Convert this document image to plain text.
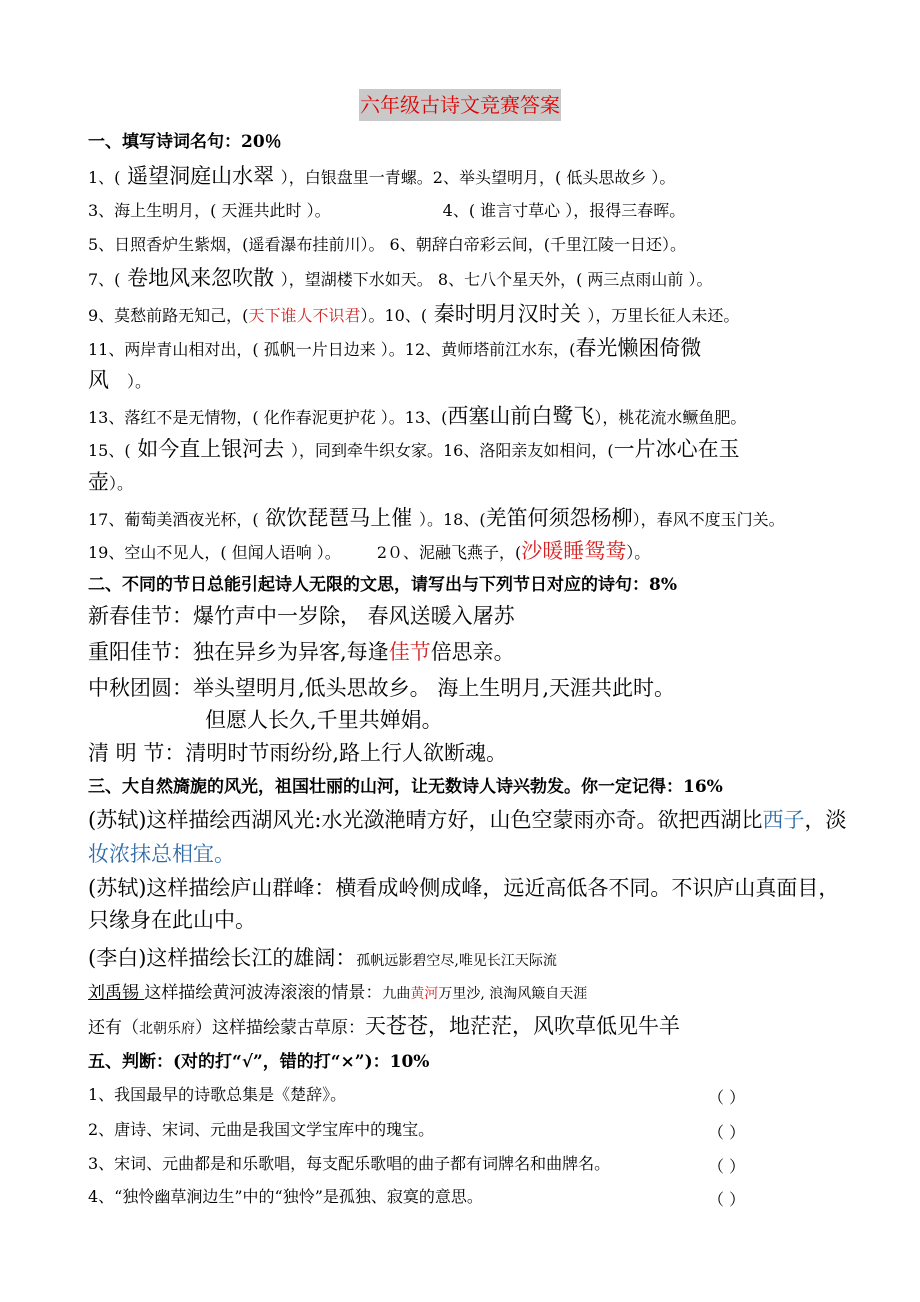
六年级古诗文竞赛答案
一、填写诗词名句：20％
1、( 遥望洞庭山水翠 ），白银盘里一青螺。2、举头望明月，( 低头思故乡 ）。
3、海上生明月，( 天涯共此时 ）。	4、( 谁言寸草心 ），报得三春晖。
5、日照香炉生紫烟，(遥看瀑布挂前川）。 6、朝辞白帝彩云间，(千里江陵一日还）。
7、( 卷地风来忽吹散 ），望湖楼下水如天。 8、七八个星天外，( 两三点雨山前 ）。
9、莫愁前路无知己，(天下谁人不识君）。10、( 秦时明月汉时关 ），万里长征人未还。
11、两岸青山相对出，( 孤帆一片日边来 ）。12、黄师塔前江水东，(春光懒困倚微
风 ）。
13、落红不是无情物，( 化作春泥更护花 ）。13、(西塞山前白鹭飞），桃花流水鳜鱼肥。
15、( 如今直上银河去 ），同到牵牛织女家。16、洛阳亲友如相问，(一片冰心在玉
壶）。
17、葡萄美酒夜光杯，( 欲饮琵琶马上催 ）。18、(羌笛何须怨杨柳），春风不度玉门关。
19、空山不见人，( 但闻人语响 ）。 2０、泥融飞燕子，(沙暖睡鸳鸯）。
二、不同的节日总能引起诗人无限的文思，请写出与下列节日对应的诗句：8%
新春佳节：爆竹声中一岁除， 春风送暖入屠苏
重阳佳节：独在异乡为异客,每逢佳节倍思亲。
中秋团圆：举头望明月,低头思故乡。 海上生明月,天涯共此时。
但愿人长久,千里共婵娟。
清 明 节：清明时节雨纷纷,路上行人欲断魂。
三、大自然旖旎的风光，祖国壮丽的山河，让无数诗人诗兴勃发。你一定记得：16%
(苏轼)这样描绘西湖风光:水光潋滟晴方好，山色空蒙雨亦奇。欲把西湖比西子，淡
妆浓抹总相宜。
(苏轼)这样描绘庐山群峰：横看成岭侧成峰，远近高低各不同。不识庐山真面目，
只缘身在此山中。
(李白)这样描绘长江的雄阔：孤帆远影碧空尽,唯见长江天际流
刘禹锡 这样描绘黄河波涛滚滚的情景：九曲黄河万里沙, 浪淘风簸自天涯
还有（北朝乐府）这样描绘蒙古草原：天苍苍，地茫茫，风吹草低见牛羊
五、判断：(对的打“√”，错的打“×”)：10%
1、我国最早的诗歌总集是《楚辞》。	（ ）
2、唐诗、宋词、元曲是我国文学宝库中的瑰宝。	（ ）
3、宋词、元曲都是和乐歌唱，每支配乐歌唱的曲子都有词牌名和曲牌名。	（ ）
4、“独怜幽草涧边生”中的“独怜”是孤独、寂寞的意思。	（ ）
